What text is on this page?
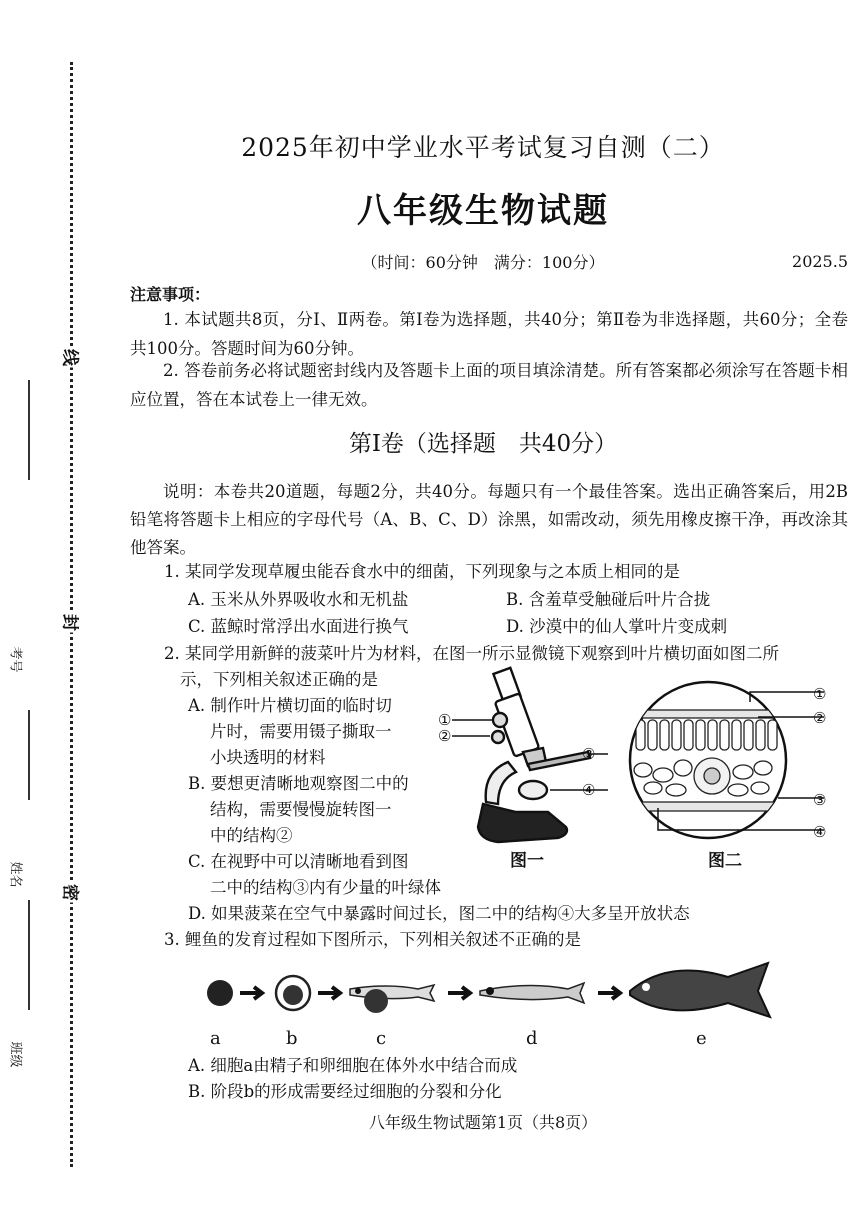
线
封
密
考号
姓名
班级
2025年初中学业水平考试复习自测（二）
八年级生物试题
（时间：60分钟　满分：100分）	2025.5
注意事项：
1. 本试题共8页，分Ⅰ、Ⅱ两卷。第Ⅰ卷为选择题，共40分；第Ⅱ卷为非选择题，共60分；全卷共100分。答题时间为60分钟。
2. 答卷前务必将试题密封线内及答题卡上面的项目填涂清楚。所有答案都必须涂写在答题卡相应位置，答在本试卷上一律无效。
第Ⅰ卷（选择题　共40分）
说明：本卷共20道题，每题2分，共40分。每题只有一个最佳答案。选出正确答案后，用2B铅笔将答题卡上相应的字母代号（A、B、C、D）涂黑，如需改动，须先用橡皮擦干净，再改涂其他答案。
1. 某同学发现草履虫能吞食水中的细菌，下列现象与之本质上相同的是
A. 玉米从外界吸收水和无机盐	B. 含羞草受触碰后叶片合拢
C. 蓝鲸时常浮出水面进行换气	D. 沙漠中的仙人掌叶片变成刺
2. 某同学用新鲜的菠菜叶片为材料，在图一所示显微镜下观察到叶片横切面如图二所
示，下列相关叙述正确的是
A. 制作叶片横切面的临时切
片时，需要用镊子撕取一
小块透明的材料
B. 要想更清晰地观察图二中的
结构，需要慢慢旋转图一
中的结构②
C. 在视野中可以清晰地看到图
二中的结构③内有少量的叶绿体
D. 如果菠菜在空气中暴露时间过长，图二中的结构④大多呈开放状态
①
②
③
④
图一
①
②
③
④
图二
3. 鲤鱼的发育过程如下图所示，下列相关叙述不正确的是
a	b	c	d	e
A. 细胞a由精子和卵细胞在体外水中结合而成
B. 阶段b的形成需要经过细胞的分裂和分化
八年级生物试题第1页（共8页）
